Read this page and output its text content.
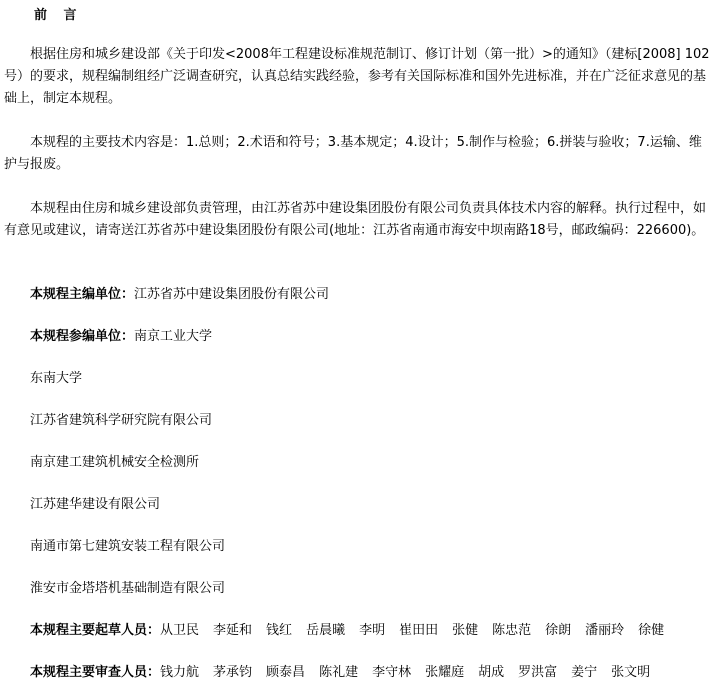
前 言
根据住房和城乡建设部《关于印发<2008年工程建设标准规范制订、修订计划（第一批）>的通知》（建标[2008] 102号）的要求，规程编制组经广泛调查研究，认真总结实践经验，参考有关国际标准和国外先进标准，并在广泛征求意见的基础上，制定本规程。
本规程的主要技术内容是：1.总则；2.术语和符号；3.基本规定；4.设计；5.制作与检验；6.拼装与验收；7.运输、维护与报废。
本规程由住房和城乡建设部负责管理，由江苏省苏中建设集团股份有限公司负责具体技术内容的解释。执行过程中，如有意见或建议，请寄送江苏省苏中建设集团股份有限公司(地址：江苏省南通市海安中坝南路18号，邮政编码：226600)。
本规程主编单位：江苏省苏中建设集团股份有限公司
本规程参编单位：南京工业大学
东南大学
江苏省建筑科学研究院有限公司
南京建工建筑机械安全检测所
江苏建华建设有限公司
南通市第七建筑安装工程有限公司
淮安市金塔塔机基础制造有限公司
本规程主要起草人员：从卫民 李延和 钱红 岳晨曦 李明 崔田田 张健 陈忠范 徐朗 潘丽玲 徐健
本规程主要审查人员：钱力航 茅承钧 顾泰昌 陈礼建 李守林 张耀庭 胡成 罗洪富 姜宁 张文明
